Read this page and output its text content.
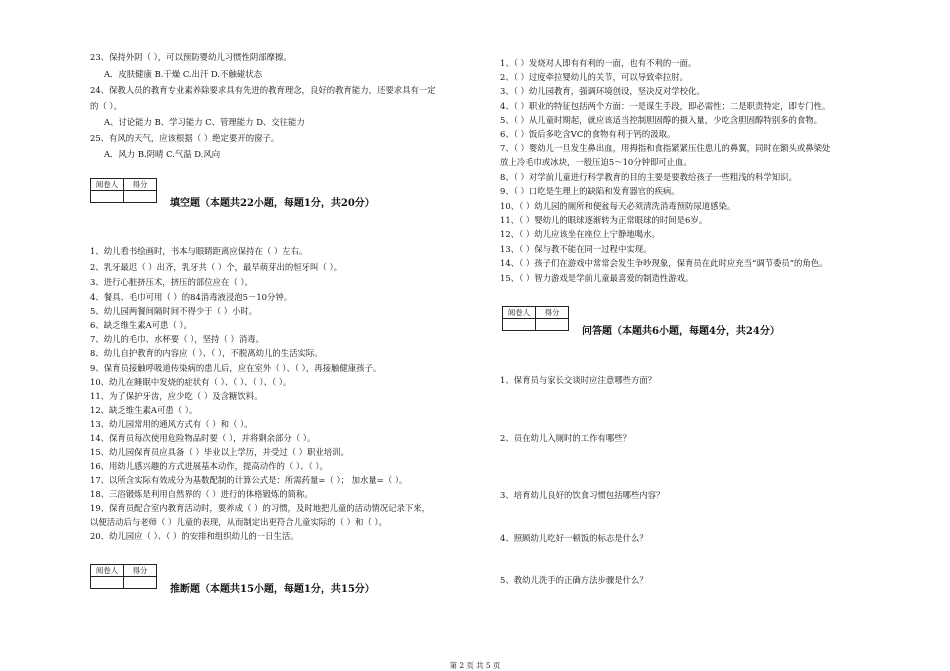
23、保持外阴（ ），可以预防婴幼儿习惯性阴部摩擦。
A．皮肤健康 B.干燥 C.出汗 D.不触碰状态
24、保教人员的教育专业素养除要求具有先进的教育理念，良好的教育能力，还要求具有一定
的（ ）。
A、讨论能力 B、学习能力 C、管理能力 D、交往能力
25、有风的天气，应该根据（ ）绝定要开的窗子。
A．风力 B.阴晴 C.气温 D.风向
阅卷人	得分

填空题（本题共22小题，每题1分，共20分）
1、幼儿看书绘画时，书本与眼睛距离应保持在（ ）左右。
2、乳牙最迟（ ）出齐，乳牙共（ ）个，最早萌芽出的恒牙叫（ ）。
3、进行心脏挤压术，挤压的部位应在（ ）。
4、餐具、毛巾可用（ ）的84消毒液浸泡5－10分钟。
5、幼儿园两餐间隔时间不得少于（ ）小时。
6、缺乏维生素A可患（ ）。
7、幼儿的毛巾、水杯要（ ），坚持（ ）消毒。
8、幼儿自护教育的内容应（ ）、（ ），不脱离幼儿的生活实际。
9、保育员接触呼吸道传染病的患儿后，应在室外（ ）、（ ），再接触健康孩子。
10、幼儿在睡眠中发烧的症状有（ ）、（ ）、（ ）、（ ）。
11、为了保护牙齿，应少吃（ ）及含糖饮料。
12、缺乏维生素A可患（ ）。
13、幼儿园常用的通风方式有（ ）和（ ）。
14、保育员每次使用危险物品时要（ ），并将剩余部分（ ）。
15、幼儿园保育员应具备（ ）毕业以上学历，并受过（ ）职业培训。
16、用幼儿感兴趣的方式进展基本动作，提高动作的（ ）、（ ）。
17、以所含实际有效成分为基数配制的计算公式是：所需药量=（ ）； 加水量=（ ）。
18、三浴锻炼是利用自然界的（ ）进行的体格锻炼的简称。
19、保育员配合室内教育活动时，要养成（ ）的习惯，及时地把儿童的活动情况记录下来，
以便活动后与老师（ ）儿童的表现，从而制定出更符合儿童实际的（ ）和（ ）。
20、幼儿园应（ ）、（ ）的安排和组织幼儿的一日生活。
阅卷人	得分

推断题（本题共15小题，每题1分，共15分）
1、（ ）发烧对人即有有利的一面，也有不利的一面。
2、（ ）过度牵拉婴幼儿的关节，可以导致牵拉肘。
3、（ ）幼儿园教育，强调环境创设，坚决反对学校化。
4、（ ）职业的特征包括两个方面：一是谋生手段，即必需性；二是职责特定，即专门性。
5、（ ）从儿童时期起，就应该适当控制胆固醇的摄入量，少吃含胆固醇特别多的食物。
6、（ ）饭后多吃含VC的食物有利于钙的汲取。
7、（ ）婴幼儿一旦发生鼻出血，用拇指和食指紧紧压住患儿的鼻翼，同时在额头或鼻梁处
放上冷毛巾或冰块，一般压迫5～10分钟即可止血。
8、（ ）对学前儿童进行科学教育的目的主要是要教给孩子一些粗浅的科学知识。
9、（ ）口吃是生理上的缺陷和发育器官的疾病。
10、（ ）幼儿园的厕所和便盆每天必须清洗消毒预防尿道感染。
11、（ ）婴幼儿的眼球逐渐转为正常眼球的时间是6岁。
12、（ ）幼儿应该坐在座位上宁静地喝水。
13、（ ）保与教不能在同一过程中实现。
14、（ ）孩子们在游戏中常常会发生争吵现象，保育员在此时应充当“调节委员”的角色。
15、（ ）智力游戏是学前儿童最喜爱的制造性游戏。
阅卷人	得分

问答题（本题共6小题，每题4分，共24分）
1、保育员与家长交谈时应注意哪些方面？
2、员在幼儿入厕时的工作有哪些？
3、培育幼儿良好的饮食习惯包括哪些内容？
4、照顾幼儿吃好一顿饭的标志是什么？
5、教幼儿洗手的正确方法步骤是什么？
第 2 页 共 5 页
